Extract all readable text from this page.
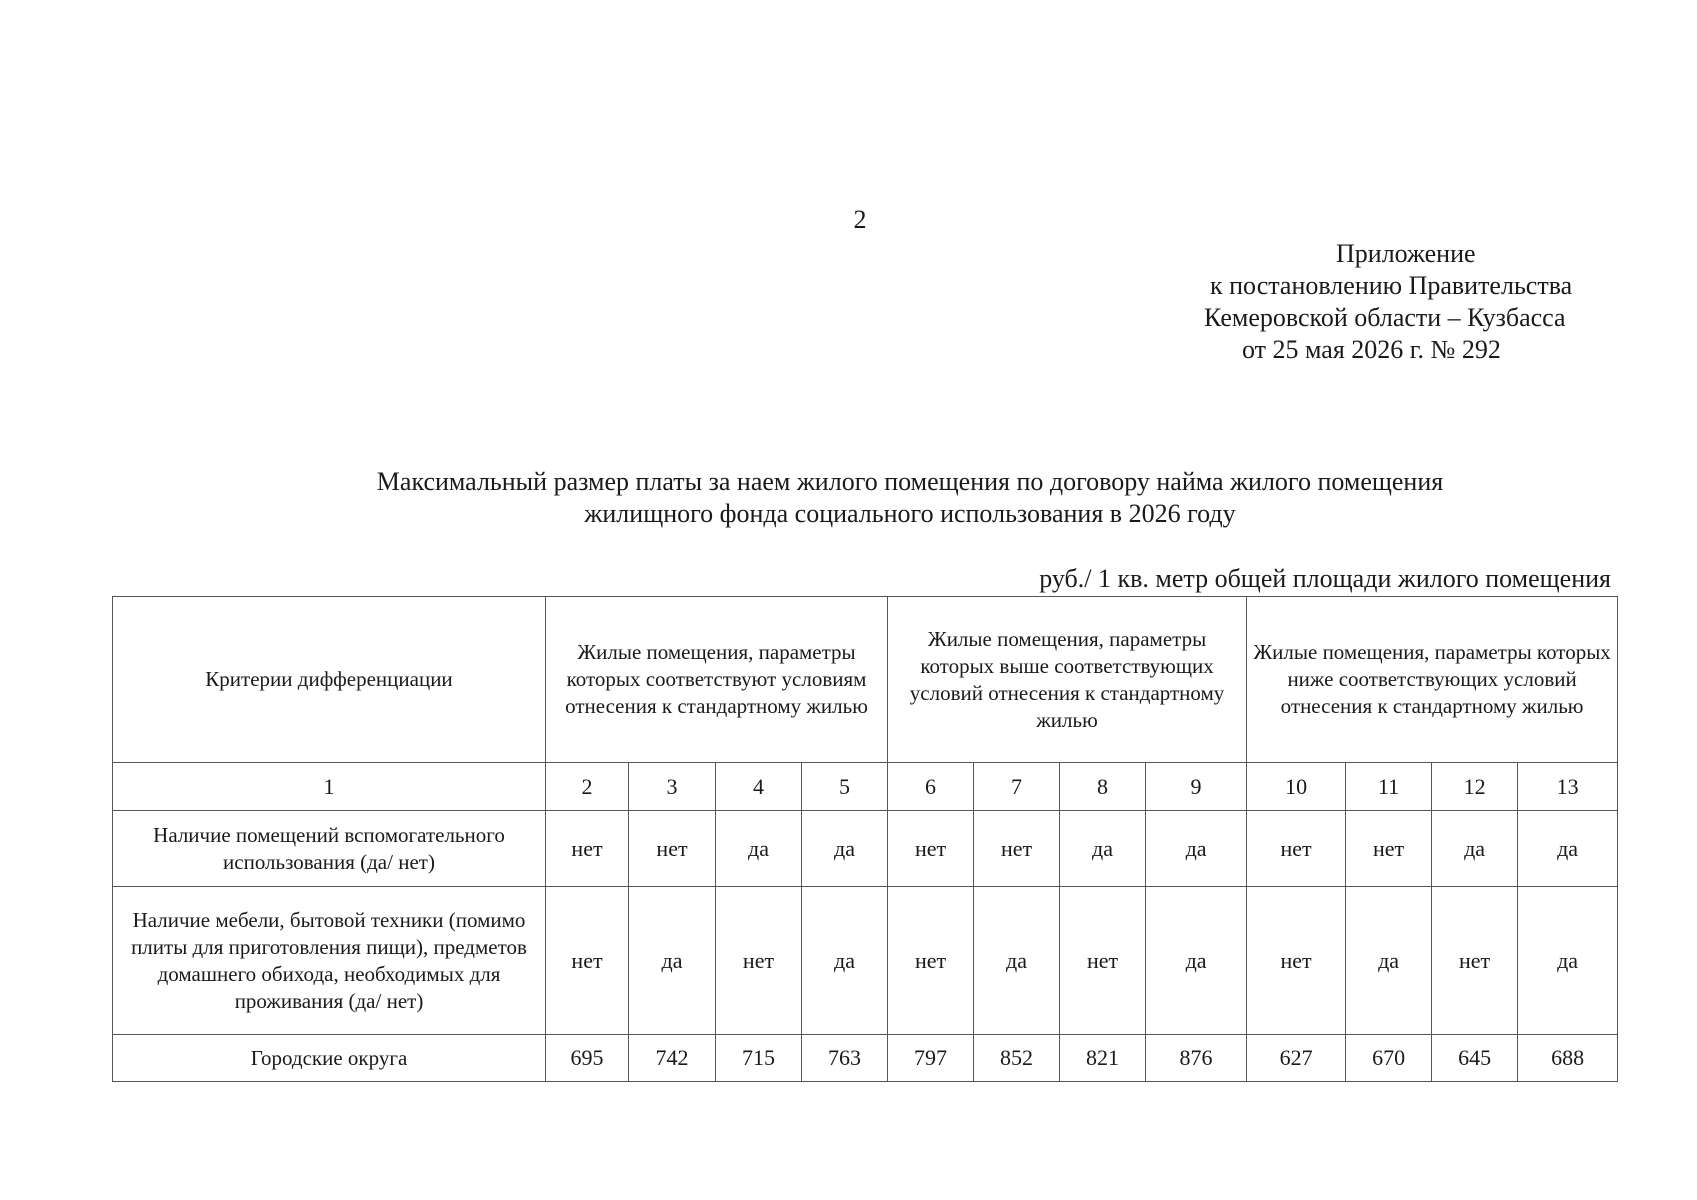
2
Приложение
к постановлению Правительства
Кемеровской области – Кузбасса
от 25 мая 2026 г. № 292
Максимальный размер платы за наем жилого помещения по договору найма жилого помещения
жилищного фонда социального использования в 2026 году
руб./ 1 кв. метр общей площади жилого помещения
Критерии дифференциации	Жилые помещения, параметры которых соответствуют условиям отнесения к стандартному жилью				Жилые помещения, параметры которых выше соответствующих условий отнесения к стандартному жилью				Жилые помещения, параметры которых ниже соответствующих условий отнесения к стандартному жилью			
1	2	3	4	5	6	7	8	9	10	11	12	13
Наличие помещений вспомогательного использования (да/ нет)	нет	нет	да	да	нет	нет	да	да	нет	нет	да	да
Наличие мебели, бытовой техники (помимо плиты для приготовления пищи), предметов домашнего обихода, необходимых для проживания (да/ нет)	нет	да	нет	да	нет	да	нет	да	нет	да	нет	да
Городские округа	695	742	715	763	797	852	821	876	627	670	645	688
